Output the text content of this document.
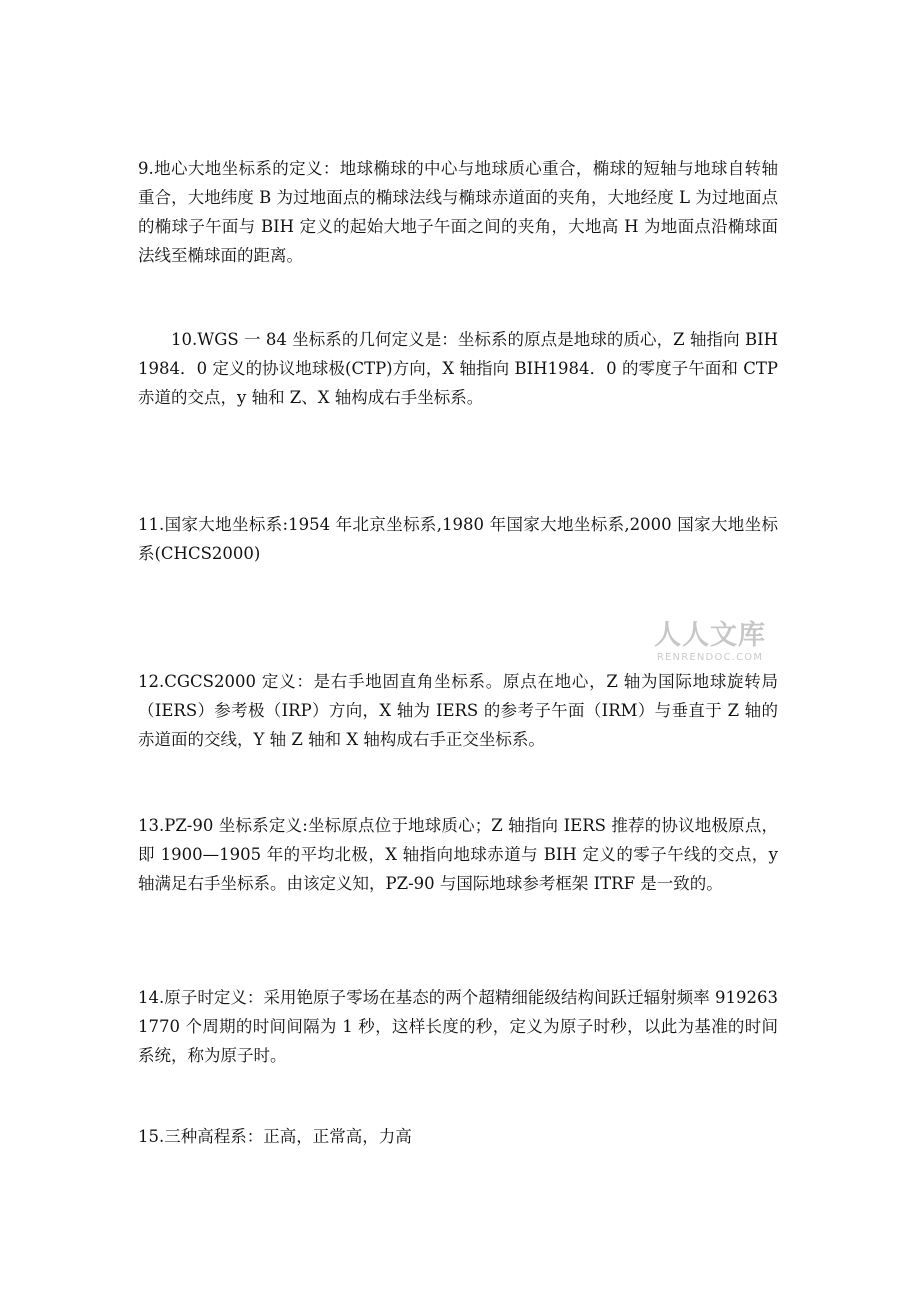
9.地心大地坐标系的定义：地球椭球的中心与地球质心重合，椭球的短轴与地球自转轴重合，大地纬度 B 为过地面点的椭球法线与椭球赤道面的夹角，大地经度 L 为过地面点的椭球子午面与 BIH 定义的起始大地子午面之间的夹角，大地高 H 为地面点沿椭球面法线至椭球面的距离。

10.WGS 一 84 坐标系的几何定义是：坐标系的原点是地球的质心，Z 轴指向 BIH1984．0 定义的协议地球极(CTP)方向，X 轴指向 BIH1984．0 的零度子午面和 CTP 赤道的交点，y 轴和 Z、X 轴构成右手坐标系。

11.国家大地坐标系:1954 年北京坐标系,1980 年国家大地坐标系,2000 国家大地坐标系(CHCS2000)

人人文库
RENRENDOC.COM

12.CGCS2000 定义：是右手地固直角坐标系。原点在地心，Z 轴为国际地球旋转局（IERS）参考极（IRP）方向，X 轴为 IERS 的参考子午面（IRM）与垂直于 Z 轴的赤道面的交线，Y 轴 Z 轴和 X 轴构成右手正交坐标系。

13.PZ-90 坐标系定义:坐标原点位于地球质心；Z 轴指向 IERS 推荐的协议地极原点，即 1900—1905 年的平均北极，X 轴指向地球赤道与 BIH 定义的零子午线的交点，y 轴满足右手坐标系。由该定义知，PZ-90 与国际地球参考框架 ITRF 是一致的。

14.原子时定义：采用铯原子零场在基态的两个超精细能级结构间跃迁辐射频率 9192631770 个周期的时间间隔为 1 秒，这样长度的秒，定义为原子时秒，以此为基准的时间系统，称为原子时。

15.三种高程系：正高，正常高，力高
